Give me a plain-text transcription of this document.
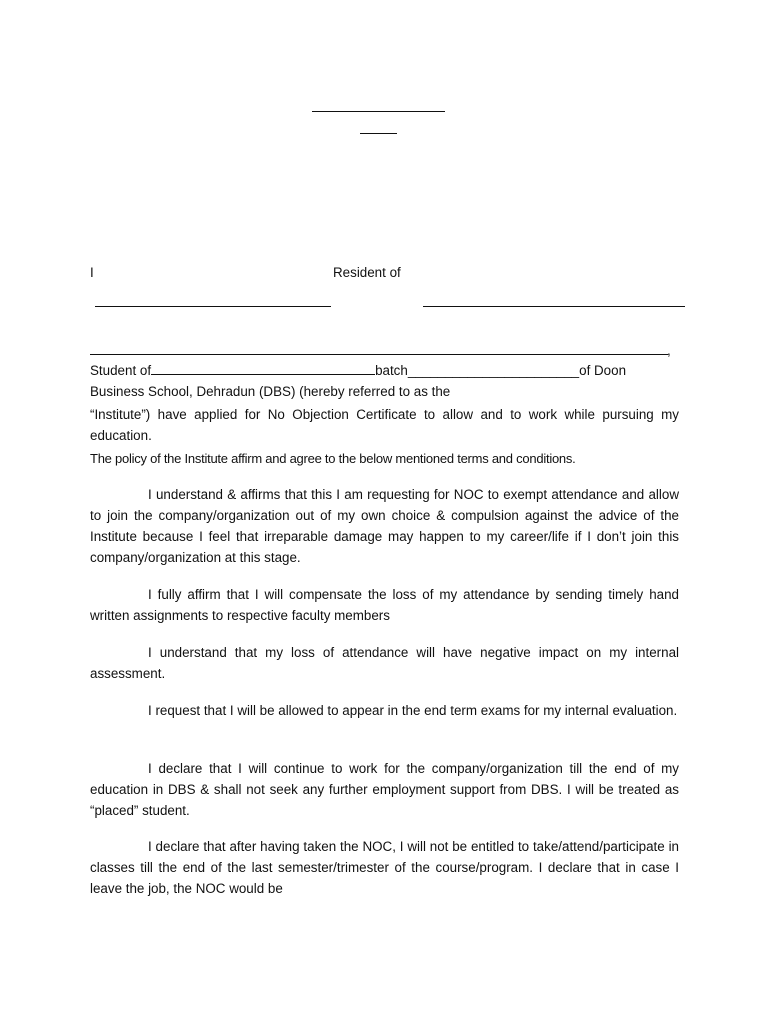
I	Resident of
,
Student of	batch_______________________of Doon
Business School, Dehradun (DBS) (hereby referred to as the
“Institute”) have applied for No Objection Certificate to allow and to work while pursuing my education.
The policy of the Institute affirm and agree to the below mentioned terms and conditions.
I understand & affirms that this I am requesting for NOC to exempt attendance and allow to join the company/organization out of my own choice & compulsion against the advice of the Institute because I feel that irreparable damage may happen to my career/life if I don’t join this company/organization at this stage.
I fully affirm that I will compensate the loss of my attendance by sending timely hand written assignments to respective faculty members
I understand that my loss of attendance will have negative impact on my internal assessment.
I request that I will be allowed to appear in the end term exams for my internal evaluation.
I declare that I will continue to work for the company/organization till the end of my education in DBS & shall not seek any further employment support from DBS. I will be treated as “placed” student.
I declare that after having taken the NOC, I will not be entitled to take/attend/participate in classes till the end of the last semester/trimester of the course/program. I declare that in case I leave the job, the NOC would be
